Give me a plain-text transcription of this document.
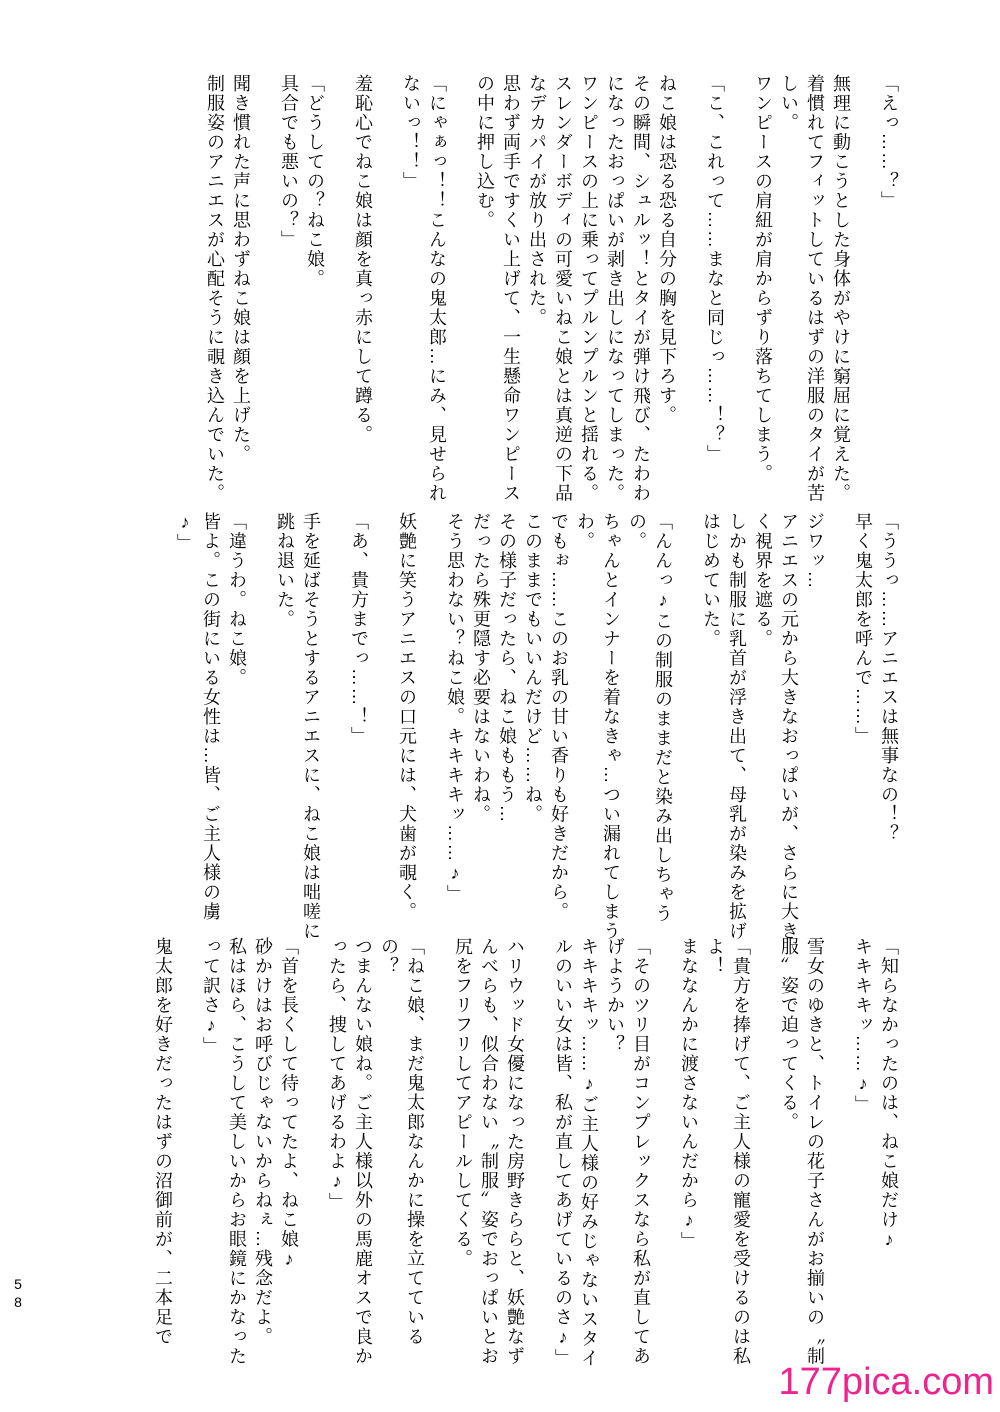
「えっ……？」

無理に動こうとした身体がやけに窮屈に覚えた。

着慣れてフィットしているはずの洋服のタイが苦しい。

ワンピースの肩紐が肩からずり落ちてしまう。

「こ、これって……まなと同じっ……！？」

ねこ娘は恐る恐る自分の胸を見下ろす。

その瞬間、シュルッ！とタイが弾け飛び、たわわになったおっぱいが剥き出しになってしまった。

ワンピースの上に乗ってプルンプルンと揺れる。

スレンダーボディの可愛いねこ娘とは真逆の下品なデカパイが放り出された。

思わず両手ですくい上げて、一生懸命ワンピースの中に押し込む。

「にゃぁっ！！こんなの鬼太郎…にみ、見せられないっ！！」

羞恥心でねこ娘は顔を真っ赤にして蹲る。

「どうしての？ねこ娘。

具合でも悪いの？」

聞き慣れた声に思わずねこ娘は顔を上げた。

制服姿のアニエスが心配そうに覗き込んでいた。

「ううっ……アニエスは無事なの！？

早く鬼太郎を呼んで……」

ジワッ…

アニエスの元から大きなおっぱいが、さらに大きく視界を遮る。

しかも制服に乳首が浮き出て、母乳が染みを拡げはじめていた。

「んんっ♪この制服のままだと染み出しちゃうの。

ちゃんとインナーを着なきゃ…つい漏れてしまうわ。

でもぉ……このお乳の甘い香りも好きだから。

このままでもいいんだけど……ね。

その様子だったら、ねこ娘ももう…

だったら殊更隠す必要はないわね。

そう思わない？ねこ娘。キキキキッ……♪」

妖艶に笑うアニエスの口元には、犬歯が覗く。

「あ、貴方までっ……！」

手を延ばそうとするアニエスに、ねこ娘は咄嗟に跳ね退いた。

「違うわ。ねこ娘。

皆よ。この街にいる女性は…皆、ご主人様の虜♪」

「知らなかったのは、ねこ娘だけ♪

キキキキッ……♪」

雪女のゆきと、トイレの花子さんがお揃いの〝制服〟姿で迫ってくる。

「貴方を捧げて、ご主人様の寵愛を受けるのは私よ！

まななんかに渡さないんだから♪」

「そのツリ目がコンプレックスなら私が直してあげようかい？

キキキキッ……♪ご主人様の好みじゃないスタイルのいい女は皆、私が直してあげているのさ♪」

ハリウッド女優になった房野きららと、妖艶なずんべらも、似合わない〝制服〟姿でおっぱいとお尻をフリフリしてアピールしてくる。

「ねこ娘、まだ鬼太郎なんかに操を立てているの？

つまんない娘ね。ご主人様以外の馬鹿オスで良かったら、捜してあげるわよ♪」

「首を長くして待ってたよ、ねこ娘♪

砂かけはお呼びじゃないからねぇ…残念だよ。

私はほら、こうして美しいからお眼鏡にかなったって訳さ♪」

鬼太郎を好きだったはずの沼御前が、二本足で

58
177pica.com
